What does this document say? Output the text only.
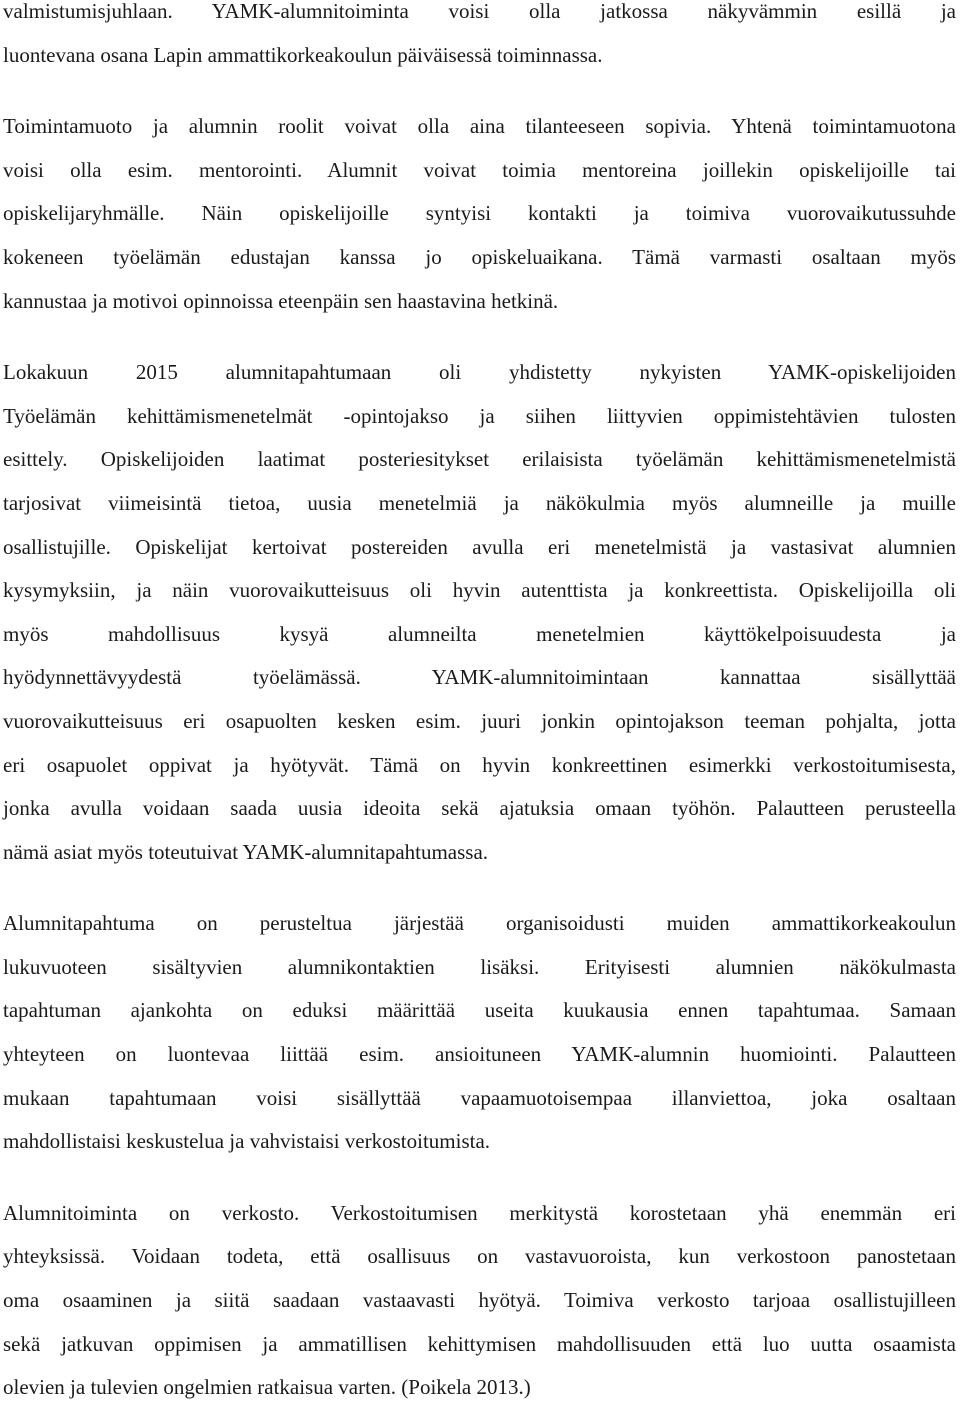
valmistumisjuhlaan. YAMK-alumnitoiminta voisi olla jatkossa näkyvämmin esillä ja
luontevana osana Lapin ammattikorkeakoulun päiväisessä toiminnassa.
Toimintamuoto ja alumnin roolit voivat olla aina tilanteeseen sopivia. Yhtenä toimintamuotona
voisi olla esim. mentorointi. Alumnit voivat toimia mentoreina joillekin opiskelijoille tai
opiskelijaryhmälle. Näin opiskelijoille syntyisi kontakti ja toimiva vuorovaikutussuhde
kokeneen työelämän edustajan kanssa jo opiskeluaikana. Tämä varmasti osaltaan myös
kannustaa ja motivoi opinnoissa eteenpäin sen haastavina hetkinä.
Lokakuun 2015 alumnitapahtumaan oli yhdistetty nykyisten YAMK-opiskelijoiden
Työelämän kehittämismenetelmät -opintojakso ja siihen liittyvien oppimistehtävien tulosten
esittely. Opiskelijoiden laatimat posteriesitykset erilaisista työelämän kehittämismenetelmistä
tarjosivat viimeisintä tietoa, uusia menetelmiä ja näkökulmia myös alumneille ja muille
osallistujille. Opiskelijat kertoivat postereiden avulla eri menetelmistä ja vastasivat alumnien
kysymyksiin, ja näin vuorovaikutteisuus oli hyvin autenttista ja konkreettista. Opiskelijoilla oli
myös mahdollisuus kysyä alumneilta menetelmien käyttökelpoisuudesta ja
hyödynnettävyydestä työelämässä. YAMK-alumnitoimintaan kannattaa sisällyttää
vuorovaikutteisuus eri osapuolten kesken esim. juuri jonkin opintojakson teeman pohjalta, jotta
eri osapuolet oppivat ja hyötyvät. Tämä on hyvin konkreettinen esimerkki verkostoitumisesta,
jonka avulla voidaan saada uusia ideoita sekä ajatuksia omaan työhön. Palautteen perusteella
nämä asiat myös toteutuivat YAMK-alumnitapahtumassa.
Alumnitapahtuma on perusteltua järjestää organisoidusti muiden ammattikorkeakoulun
lukuvuoteen sisältyvien alumnikontaktien lisäksi. Erityisesti alumnien näkökulmasta
tapahtuman ajankohta on eduksi määrittää useita kuukausia ennen tapahtumaa. Samaan
yhteyteen on luontevaa liittää esim. ansioituneen YAMK-alumnin huomiointi. Palautteen
mukaan tapahtumaan voisi sisällyttää vapaamuotoisempaa illanviettoa, joka osaltaan
mahdollistaisi keskustelua ja vahvistaisi verkostoitumista.
Alumnitoiminta on verkosto. Verkostoitumisen merkitystä korostetaan yhä enemmän eri
yhteyksissä. Voidaan todeta, että osallisuus on vastavuoroista, kun verkostoon panostetaan
oma osaaminen ja siitä saadaan vastaavasti hyötyä. Toimiva verkosto tarjoaa osallistujilleen
sekä jatkuvan oppimisen ja ammatillisen kehittymisen mahdollisuuden että luo uutta osaamista
olevien ja tulevien ongelmien ratkaisua varten. (Poikela 2013.)
